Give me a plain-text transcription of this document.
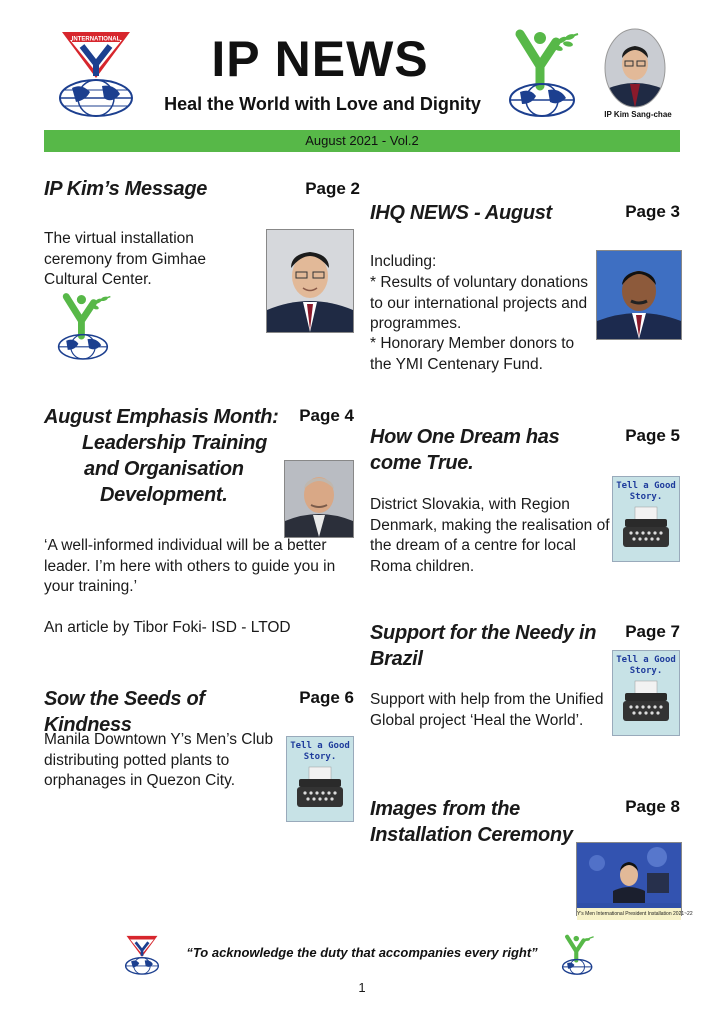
INTERNATIONAL	IP NEWS
Heal the World with Love and Dignity
IP Kim Sang-chae
August 2021 - Vol.2
IP Kim’s Message	Page 2
The virtual installation ceremony from Gimhae Cultural Center.
August Emphasis Month:
Leadership Training
and Organisation
Development.
Page 4
‘A well-informed individual will be a better leader. I’m here with others to guide you in your training.’
An article by Tibor Foki- ISD - LTOD
Sow the Seeds of Kindness
Page 6
Manila Downtown Y’s Men’s Club distributing potted plants to orphanages in Quezon City.
Tell a Good
Story.
IHQ NEWS - August	Page 3
Including:
* Results of voluntary donations to our international projects and programmes.
* Honorary Member donors to the YMI Centenary Fund.
How One Dream has come True.
Page 5
District Slovakia, with Region Denmark, making the realisation of the dream of a centre for local Roma children.
Tell a Good
Story.
Support for the Needy in Brazil
Page 7
Support with help from the Unified Global project ‘Heal the World’.
Tell a Good
Story.
Images from the Installation Ceremony
Page 8
Y's Men International President Installation 2021~22
“To acknowledge the duty that accompanies every right”
1
